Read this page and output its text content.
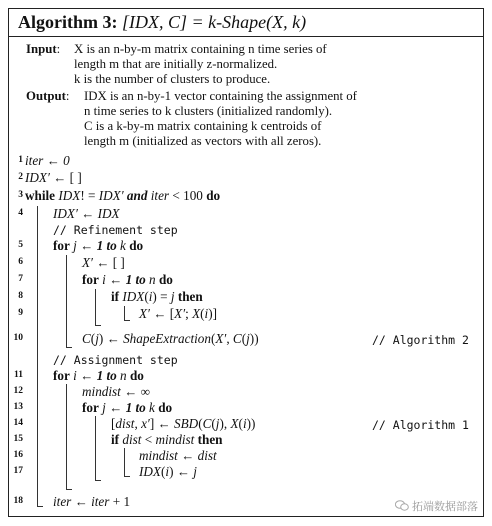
Algorithm 3: [IDX, C] = k-Shape(X, k)
Input: X is an n-by-m matrix containing n time series of
length m that are initially z-normalized.
k is the number of clusters to produce.
Output: IDX is an n-by-1 vector containing the assignment of
n time series to k clusters (initialized randomly).
C is a k-by-m matrix containing k centroids of
length m (initialized as vectors with all zeros).
1
2
3
4
5
6
7
8
9
10
11
12
13
14
15
16
17
18
iter ← 0
IDX′ ← [ ]
while IDX! = IDX′ and iter < 100 do
IDX′ ← IDX
// Refinement step
for j ← 1 to k do
X′ ← [ ]
for i ← 1 to n do
if IDX(i) = j then
X′ ← [X′; X(i)]
C(j) ← ShapeExtraction(X′, C(j))	// Algorithm 2
// Assignment step
for i ← 1 to n do
mindist ← ∞
for j ← 1 to k do
[dist, x′] ← SBD(C(j), X(i))	// Algorithm 1
if dist < mindist then
mindist ← dist
IDX(i) ← j
iter ← iter + 1	拓端数据部落
